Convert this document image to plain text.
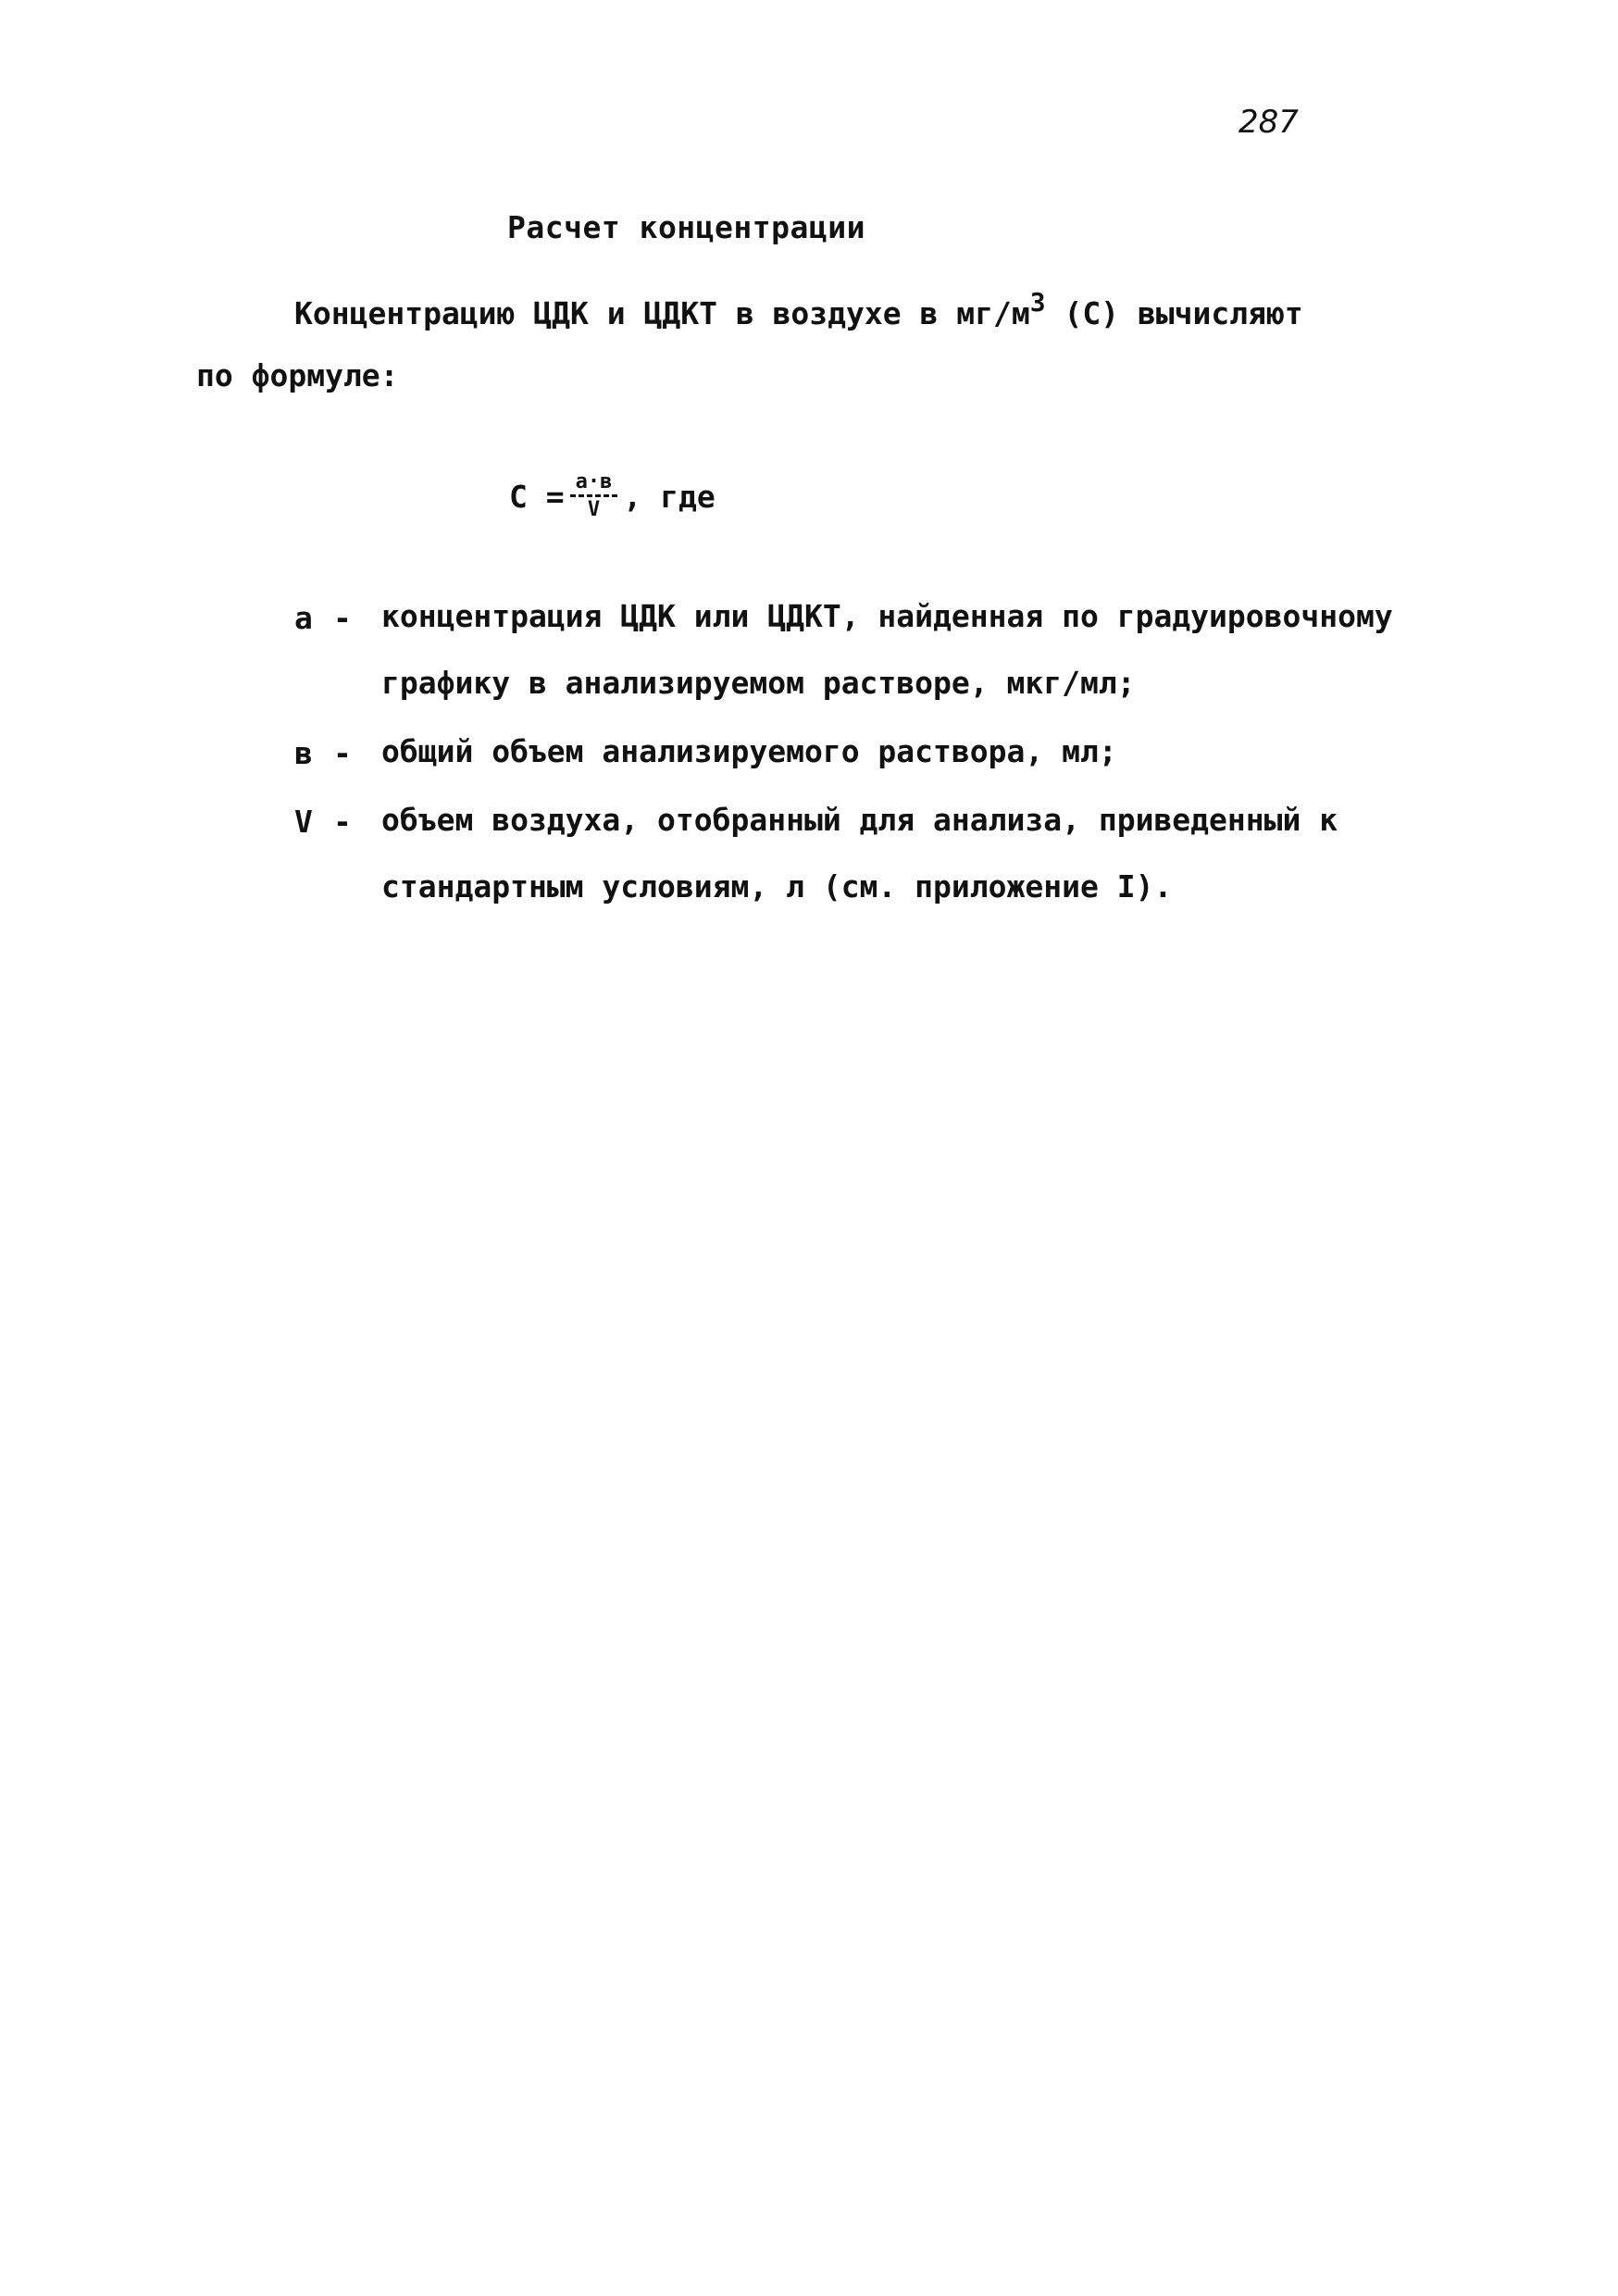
287
Расчет концентрации
Концентрацию ЦДК и ЦДКТ в воздухе в $мг/м^3$ (С) вычисляют
по формуле:
$С = \frac{а\cdot в}{V}$ , где
а - концентрация ЦДК или ЦДКТ, найденная по градуировочному графику в анализируемом растворе, мкг/мл;
в - общий объем анализируемого раствора, мл;
V - объем воздуха, отобранный для анализа, приведенный к стандартным условиям, л (см. приложение I).
